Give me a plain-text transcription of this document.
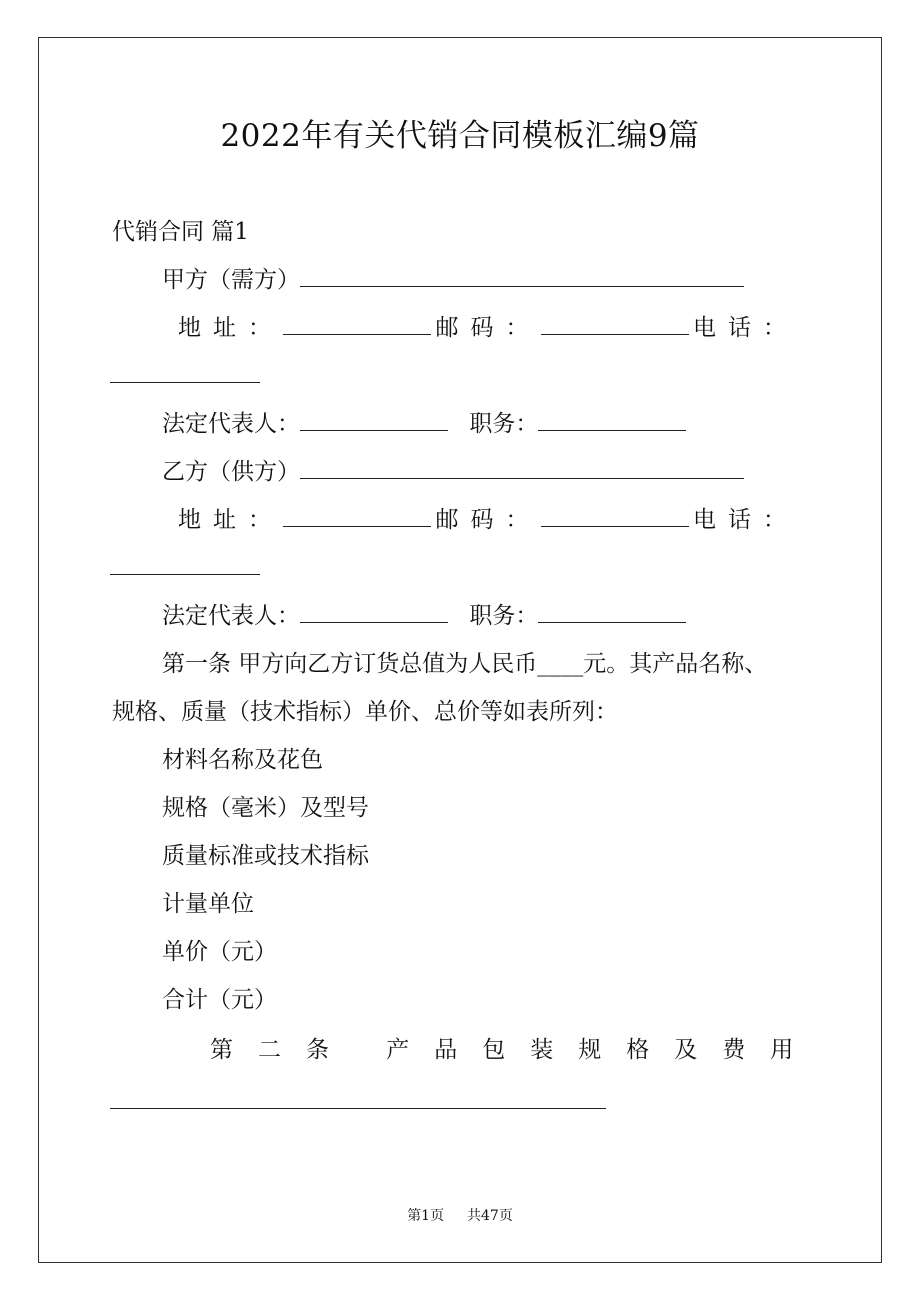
2022年有关代销合同模板汇编9篇
代销合同 篇1
甲方（需方）
地址：	邮码：	电话：
法定代表人：	职务：
乙方（供方）
地址：	邮码：	电话：
法定代表人：	职务：
第一条 甲方向乙方订货总值为人民币____元。其产品名称、
规格、质量（技术指标）单价、总价等如表所列：
材料名称及花色
规格（毫米）及型号
质量标准或技术指标
计量单位
单价（元）
合计（元）
第二条 产品包装规格及费用
第1页 共47页
